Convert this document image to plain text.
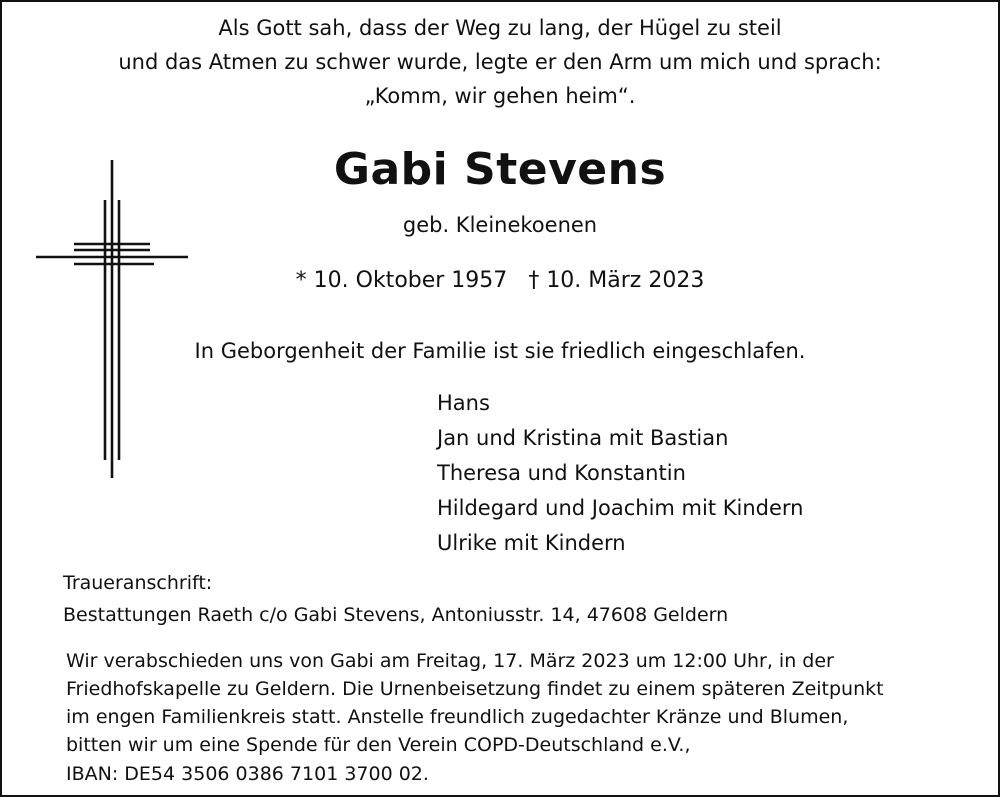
Als Gott sah, dass der Weg zu lang, der Hügel zu steil
und das Atmen zu schwer wurde, legte er den Arm um mich und sprach:
„Komm, wir gehen heim“.
Gabi Stevens
geb. Kleinekoenen
* 10. Oktober 1957 † 10. März 2023
In Geborgenheit der Familie ist sie friedlich eingeschlafen.
Hans
Jan und Kristina mit Bastian
Theresa und Konstantin
Hildegard und Joachim mit Kindern
Ulrike mit Kindern
Traueranschrift:
Bestattungen Raeth c/o Gabi Stevens, Antoniusstr. 14, 47608 Geldern
Wir verabschieden uns von Gabi am Freitag, 17. März 2023 um 12:00 Uhr, in der
Friedhofskapelle zu Geldern. Die Urnenbeisetzung findet zu einem späteren Zeitpunkt
im engen Familienkreis statt. Anstelle freundlich zugedachter Kränze und Blumen,
bitten wir um eine Spende für den Verein COPD-Deutschland e.V.,
IBAN: DE54 3506 0386 7101 3700 02.
